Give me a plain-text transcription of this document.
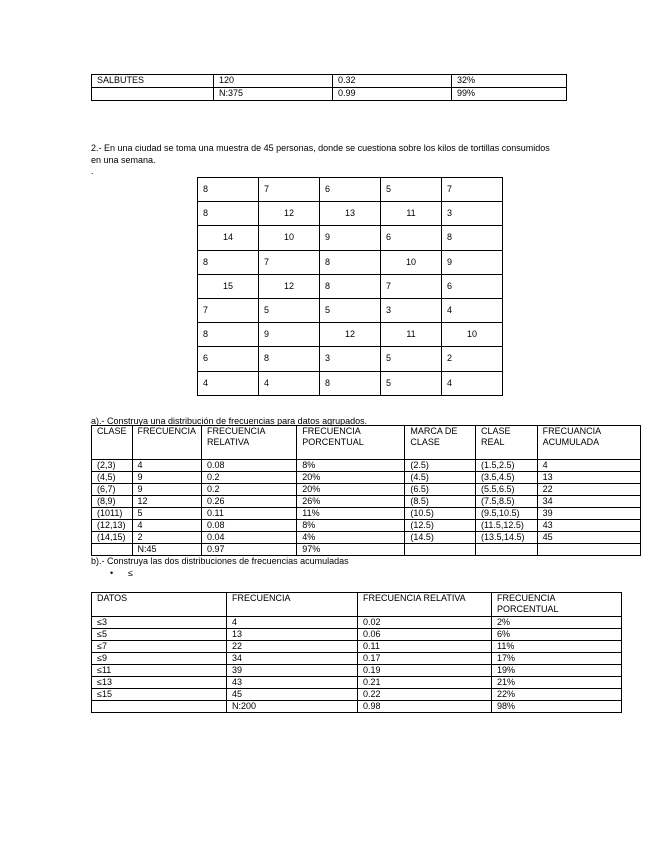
SALBUTES	120	0.32	32%
	N:375	0.99	99%
2.- En una ciudad se toma una muestra de 45 personas, donde se cuestiona sobre los kilos de tortillas consumidos en una semana.
.
8	7	6	5	7
8	12	13	11	3
14	10	9	6	8
8	7	8	10	9
15	12	8	7	6
7	5	5	3	4
8	9	12	11	10
6	8	3	5	2
4	4	8	5	4
a).- Construya una distribución de frecuencias para datos agrupados.
CLASE	FRECUENCIA	FRECUENCIA RELATIVA	FRECUENCIA PORCENTUAL	MARCA DE CLASE	CLASE REAL	FRECUANCIA ACUMULADA
(2,3)	4	0.08	8%	(2.5)	(1.5,2.5)	4
(4,5)	9	0.2	20%	(4.5)	(3.5,4.5)	13
(6,7)	9	0.2	20%	(6.5)	(5.5,6.5)	22
(8,9)	12	0.26	26%	(8.5)	(7.5,8.5)	34
(1011)	5	0.11	11%	(10.5)	(9.5,10.5)	39
(12,13)	4	0.08	8%	(12.5)	(11.5,12.5)	43
(14,15)	2	0.04	4%	(14.5)	(13.5,14.5)	45
	N:45	0.97	97%			
b).- Construya las dos distribuciones de frecuencias acumuladas
• ≤
DATOS	FRECUENCIA	FRECUENCIA RELATIVA	FRECUENCIA PORCENTUAL
≤3	4	0.02	2%
≤5	13	0.06	6%
≤7	22	0.11	11%
≤9	34	0.17	17%
≤11	39	0.19	19%
≤13	43	0.21	21%
≤15	45	0.22	22%
	N:200	0.98	98%
